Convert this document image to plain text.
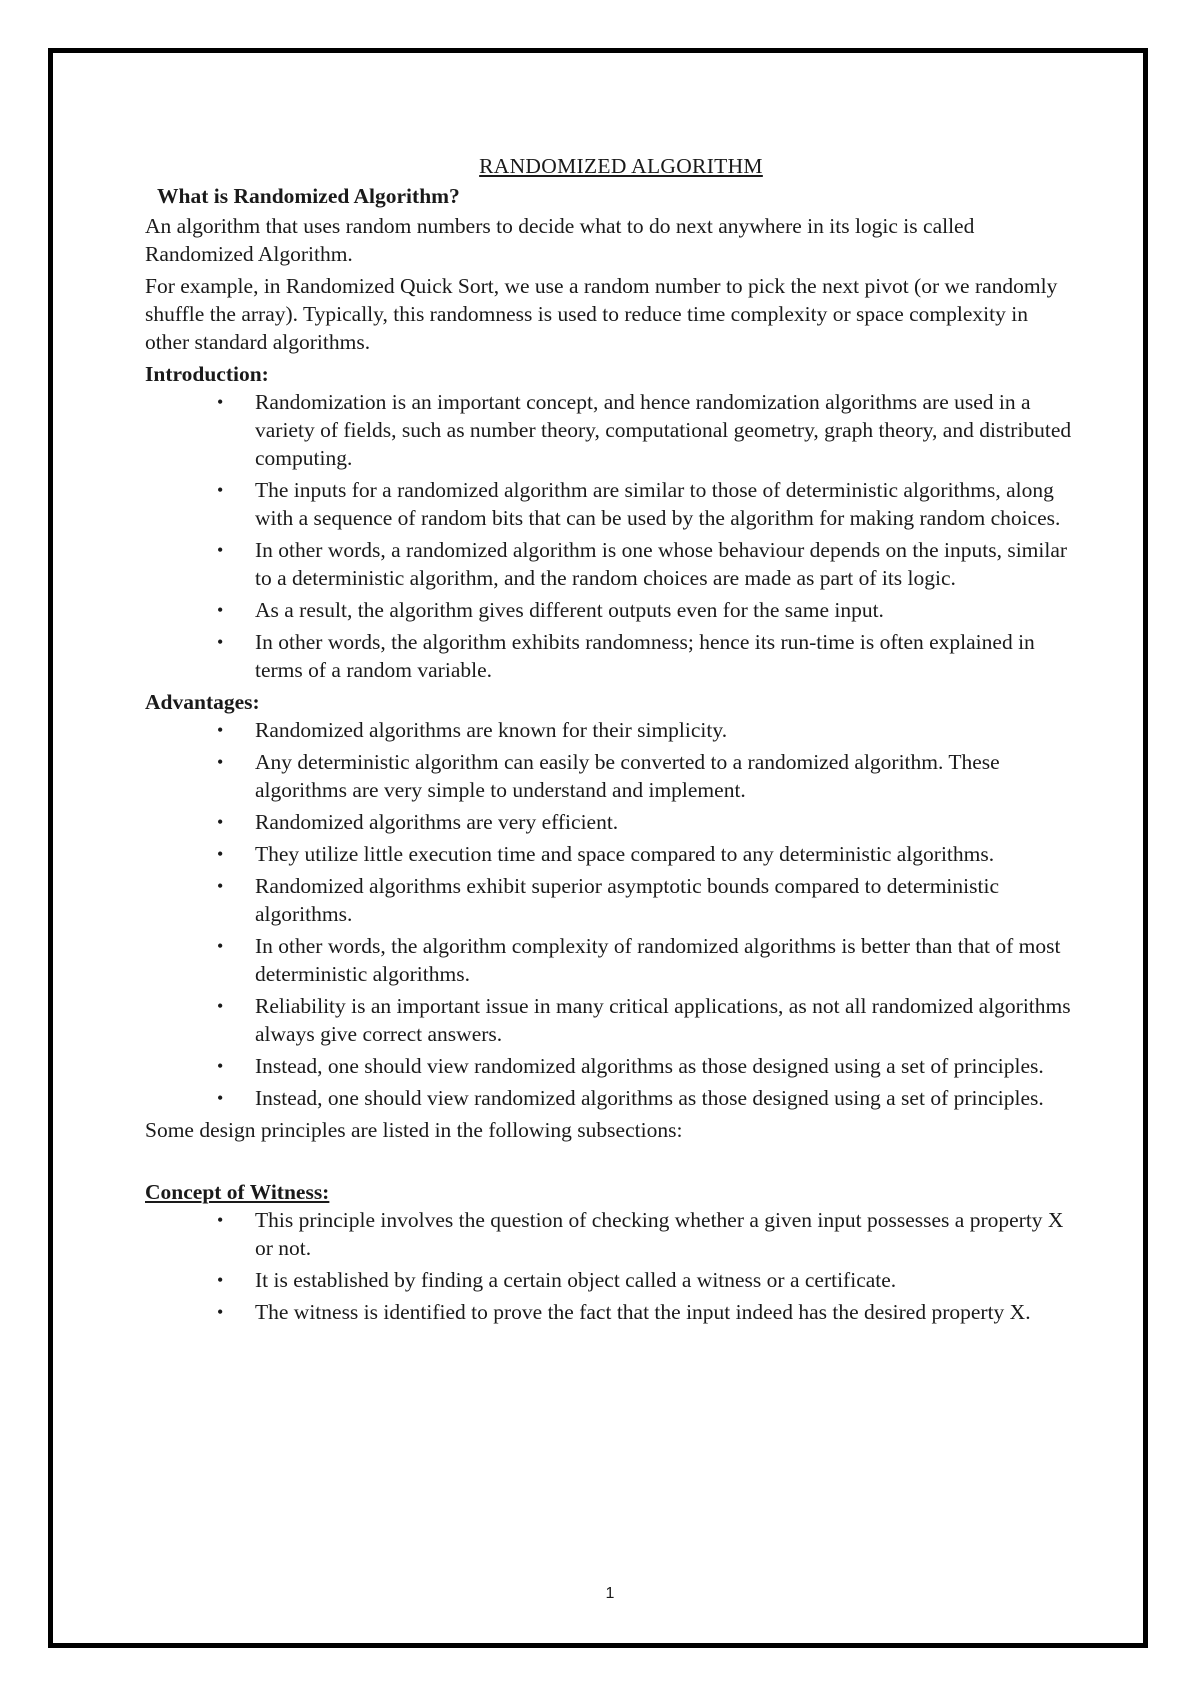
RANDOMIZED ALGORITHM
What is Randomized Algorithm?

An algorithm that uses random numbers to decide what to do next anywhere in its logic is called Randomized Algorithm.

For example, in Randomized Quick Sort, we use a random number to pick the next pivot (or we randomly shuffle the array). Typically, this randomness is used to reduce time complexity or space complexity in other standard algorithms.

Introduction:
• Randomization is an important concept, and hence randomization algorithms are used in a variety of fields, such as number theory, computational geometry, graph theory, and distributed computing.
• The inputs for a randomized algorithm are similar to those of deterministic algorithms, along with a sequence of random bits that can be used by the algorithm for making random choices.
• In other words, a randomized algorithm is one whose behaviour depends on the inputs, similar to a deterministic algorithm, and the random choices are made as part of its logic.
• As a result, the algorithm gives different outputs even for the same input.
• In other words, the algorithm exhibits randomness; hence its run-time is often explained in terms of a random variable.
Advantages:
• Randomized algorithms are known for their simplicity.
• Any deterministic algorithm can easily be converted to a randomized algorithm. These algorithms are very simple to understand and implement.
• Randomized algorithms are very efficient.
• They utilize little execution time and space compared to any deterministic algorithms.
• Randomized algorithms exhibit superior asymptotic bounds compared to deterministic algorithms.
• In other words, the algorithm complexity of randomized algorithms is better than that of most deterministic algorithms.
• Reliability is an important issue in many critical applications, as not all randomized algorithms always give correct answers.
• Instead, one should view randomized algorithms as those designed using a set of principles.
• Instead, one should view randomized algorithms as those designed using a set of principles.

Some design principles are listed in the following subsections:

Concept of Witness:
• This principle involves the question of checking whether a given input possesses a property X or not.
• It is established by finding a certain object called a witness or a certificate.
• The witness is identified to prove the fact that the input indeed has the desired property X.
1
